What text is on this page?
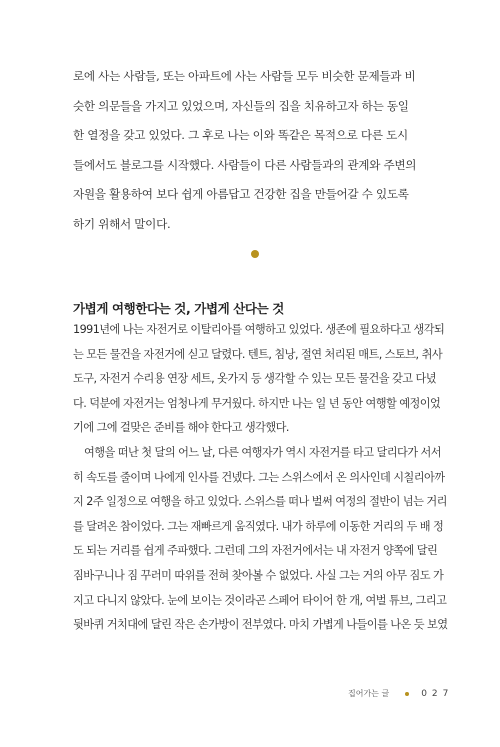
로에 사는 사람들, 또는 아파트에 사는 사람들 모두 비슷한 문제들과 비
슷한 의문들을 가지고 있었으며, 자신들의 집을 치유하고자 하는 동일
한 열정을 갖고 있었다. 그 후로 나는 이와 똑같은 목적으로 다른 도시
들에서도 블로그를 시작했다. 사람들이 다른 사람들과의 관계와 주변의
자원을 활용하여 보다 쉽게 아름답고 건강한 집을 만들어갈 수 있도록
하기 위해서 말이다.
가볍게 여행한다는 것, 가볍게 산다는 것
1991년에 나는 자전거로 이탈리아를 여행하고 있었다. 생존에 필요하다고 생각되
는 모든 물건을 자전거에 싣고 달렸다. 텐트, 침낭, 절연 처리된 매트, 스토브, 취사
도구, 자전거 수리용 연장 세트, 옷가지 등 생각할 수 있는 모든 물건을 갖고 다녔
다. 덕분에 자전거는 엄청나게 무거웠다. 하지만 나는 일 년 동안 여행할 예정이었
기에 그에 걸맞은 준비를 해야 한다고 생각했다.
여행을 떠난 첫 달의 어느 날, 다른 여행자가 역시 자전거를 타고 달리다가 서서
히 속도를 줄이며 나에게 인사를 건넸다. 그는 스위스에서 온 의사인데 시칠리아까
지 2주 일정으로 여행을 하고 있었다. 스위스를 떠나 벌써 여정의 절반이 넘는 거리
를 달려온 참이었다. 그는 재빠르게 움직였다. 내가 하루에 이동한 거리의 두 배 정
도 되는 거리를 쉽게 주파했다. 그런데 그의 자전거에서는 내 자전거 양쪽에 달린
짐바구니나 짐 꾸러미 따위를 전혀 찾아볼 수 없었다. 사실 그는 거의 아무 짐도 가
지고 다니지 않았다. 눈에 보이는 것이라곤 스페어 타이어 한 개, 여벌 튜브, 그리고
뒷바퀴 거치대에 달린 작은 손가방이 전부였다. 마치 가볍게 나들이를 나온 듯 보였
집어가는 글	027
